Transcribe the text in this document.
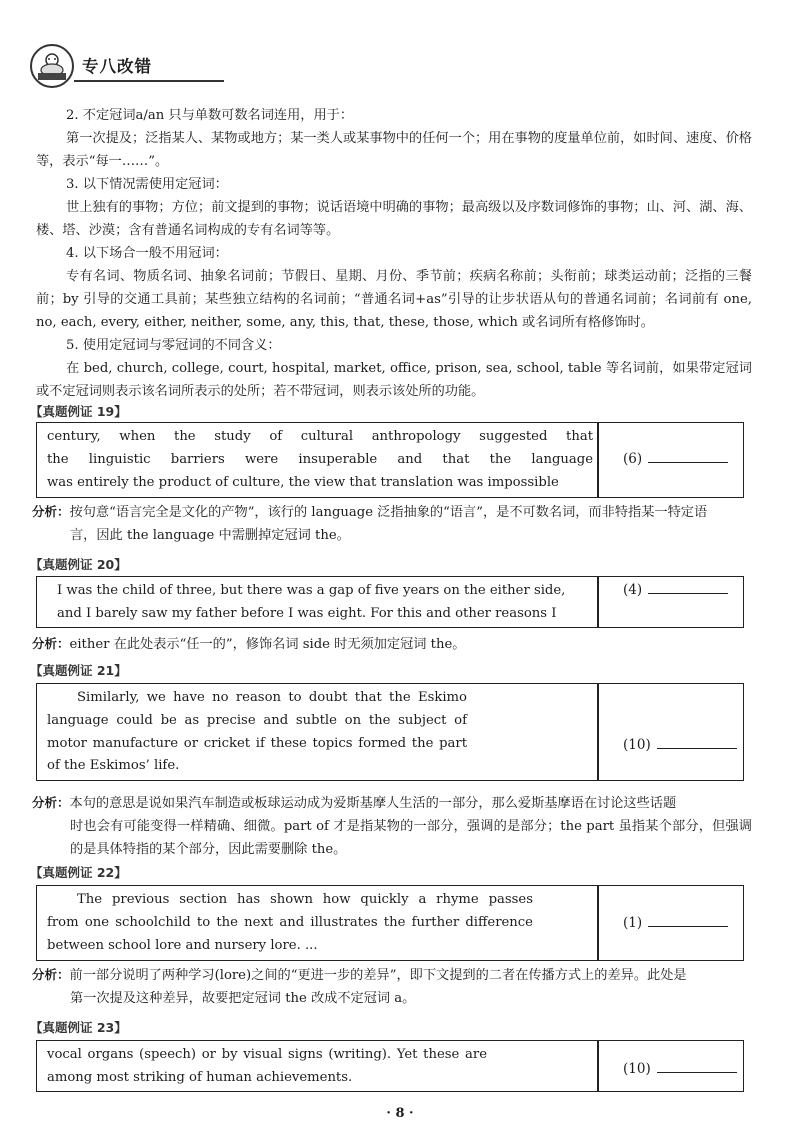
专八改错

2. 不定冠词a/an 只与单数可数名词连用，用于：

第一次提及；泛指某人、某物或地方；某一类人或某事物中的任何一个；用在事物的度量单位前，如时间、速度、价格等，表示“每一……”。

3. 以下情况需使用定冠词：

世上独有的事物；方位；前文提到的事物；说话语境中明确的事物；最高级以及序数词修饰的事物；山、河、湖、海、楼、塔、沙漠；含有普通名词构成的专有名词等等。

4. 以下场合一般不用冠词：

专有名词、物质名词、抽象名词前；节假日、星期、月份、季节前；疾病名称前；头衔前；球类运动前；泛指的三餐前；by 引导的交通工具前；某些独立结构的名词前；“普通名词+as”引导的让步状语从句的普通名词前；名词前有 one, no, each, every, either, neither, some, any, this, that, these, those, which 或名词所有格修饰时。

5. 使用定冠词与零冠词的不同含义：

在 bed, church, college, court, hospital, market, office, prison, sea, school, table 等名词前，如果带定冠词或不定冠词则表示该名词所表示的处所；若不带冠词，则表示该处所的功能。

【真题例证 19】
century, when the study of cultural anthropology suggested that
the linguistic barriers were insuperable and that the language
was entirely the product of culture, the view that translation was impossible
(6)
分析：按句意“语言完全是文化的产物”，该行的 language 泛指抽象的“语言”，是不可数名词，而非特指某一特定语
言，因此 the language 中需删掉定冠词 the。
【真题例证 20】
I was the child of three, but there was a gap of five years on the either side,
and I barely saw my father before I was eight. For this and other reasons I
(4)
分析：either 在此处表示“任一的”，修饰名词 side 时无须加定冠词 the。
【真题例证 21】
Similarly, we have no reason to doubt that the Eskimo
language could be as precise and subtle on the subject of
motor manufacture or cricket if these topics formed the part
of the Eskimos’ life.
(10)
分析：本句的意思是说如果汽车制造或板球运动成为爱斯基摩人生活的一部分，那么爱斯基摩语在讨论这些话题
时也会有可能变得一样精确、细微。part of 才是指某物的一部分，强调的是部分；the part 虽指某个部分，但强调的是具体特指的某个部分，因此需要删除 the。
【真题例证 22】
The previous section has shown how quickly a rhyme passes
from one schoolchild to the next and illustrates the further difference
between school lore and nursery lore. ...
(1)
分析：前一部分说明了两种学习(lore)之间的“更进一步的差异”，即下文提到的二者在传播方式上的差异。此处是
第一次提及这种差异，故要把定冠词 the 改成不定冠词 a。
【真题例证 23】
vocal organs (speech) or by visual signs (writing). Yet these are
among most striking of human achievements.
(10)
· 8 ·
